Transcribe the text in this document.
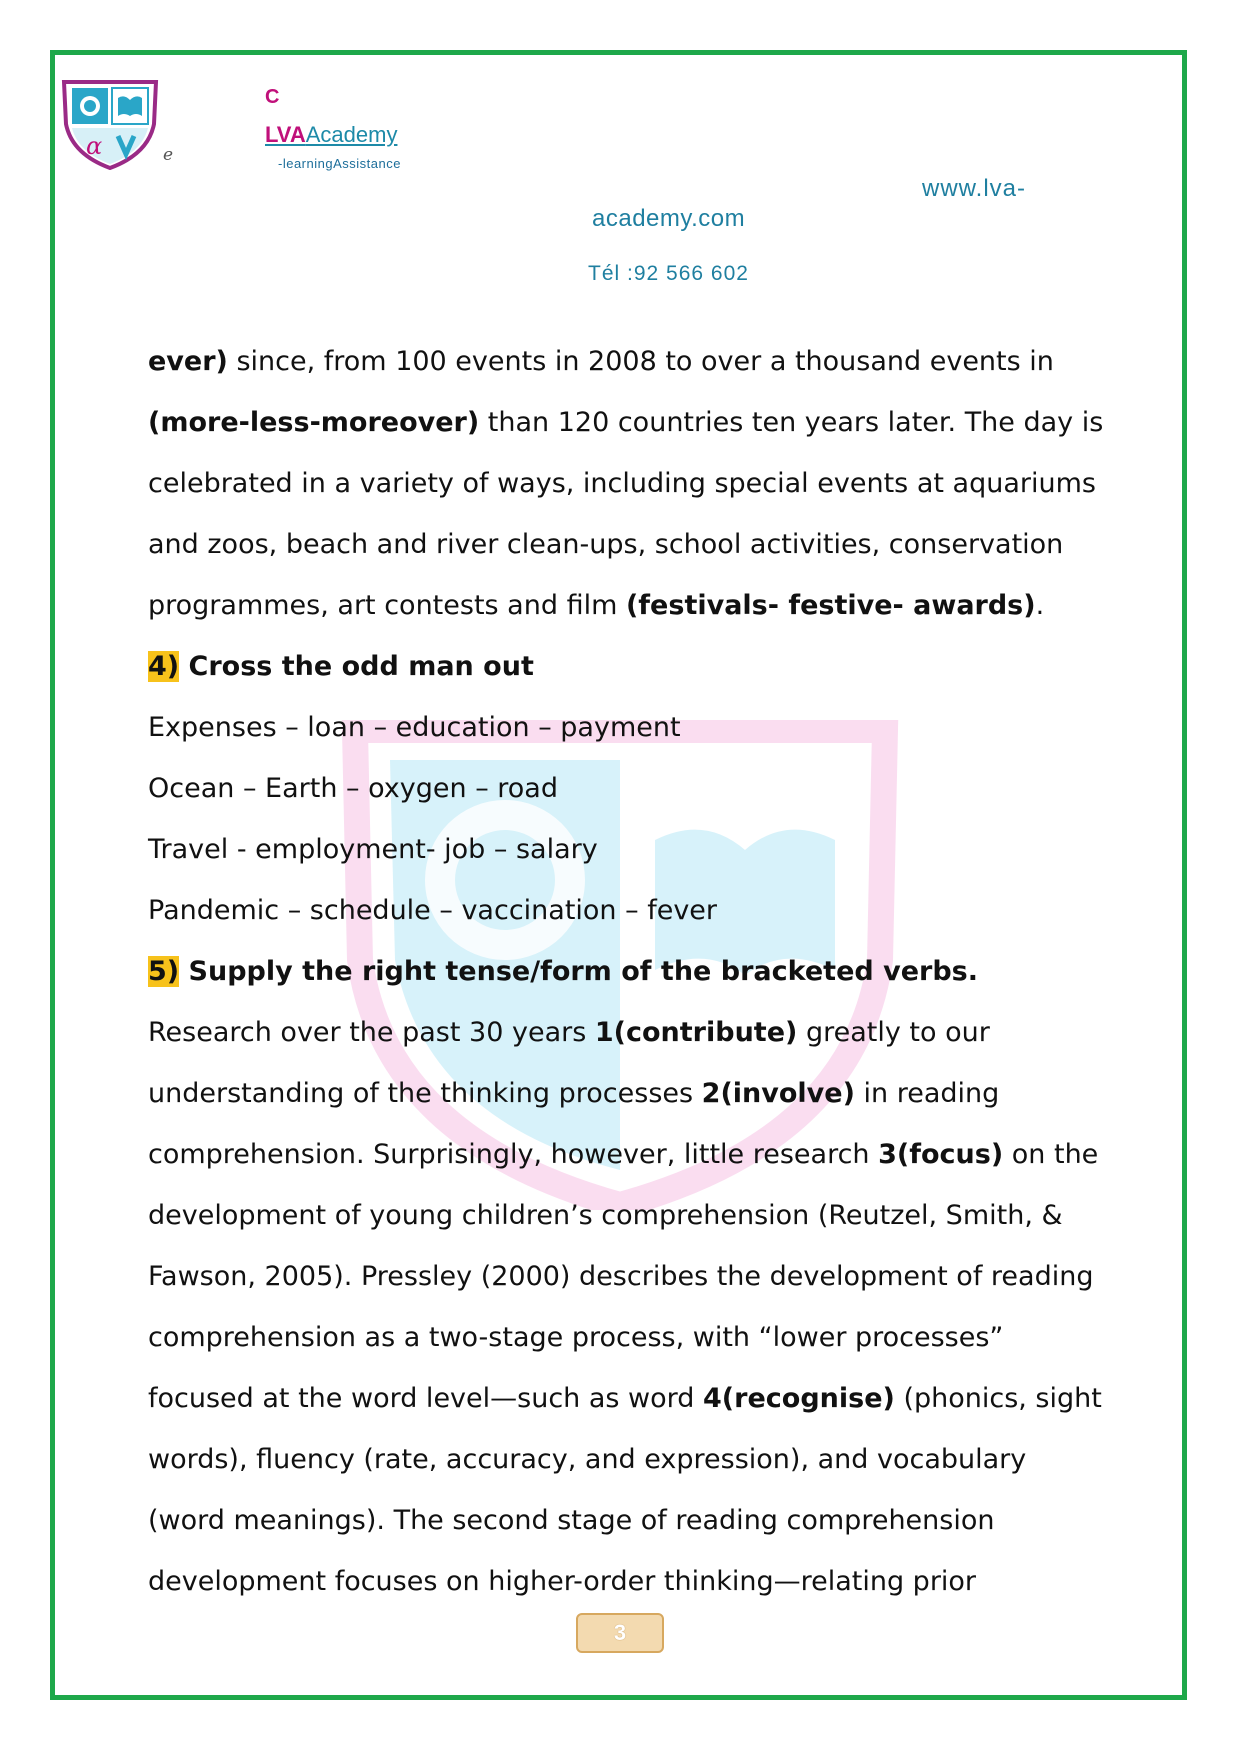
α	e
C
LVAAcademy
-learningAssistance
www.lva-
academy.com
Tél :92 566 602
ever) since, from 100 events in 2008 to over a thousand events in
(more-less-moreover) than 120 countries ten years later. The day is
celebrated in a variety of ways, including special events at aquariums
and zoos, beach and river clean-ups, school activities, conservation
programmes, art contests and film (festivals- festive- awards).
4) Cross the odd man out
Expenses – loan – education – payment
Ocean – Earth – oxygen – road
Travel - employment- job – salary
Pandemic – schedule – vaccination – fever
5) Supply the right tense/form of the bracketed verbs.
Research over the past 30 years 1(contribute) greatly to our
understanding of the thinking processes 2(involve) in reading
comprehension. Surprisingly, however, little research 3(focus) on the
development of young children’s comprehension (Reutzel, Smith, &
Fawson, 2005). Pressley (2000) describes the development of reading
comprehension as a two-stage process, with “lower processes”
focused at the word level—such as word 4(recognise) (phonics, sight
words), fluency (rate, accuracy, and expression), and vocabulary
(word meanings). The second stage of reading comprehension
development focuses on higher-order thinking—relating prior
3
